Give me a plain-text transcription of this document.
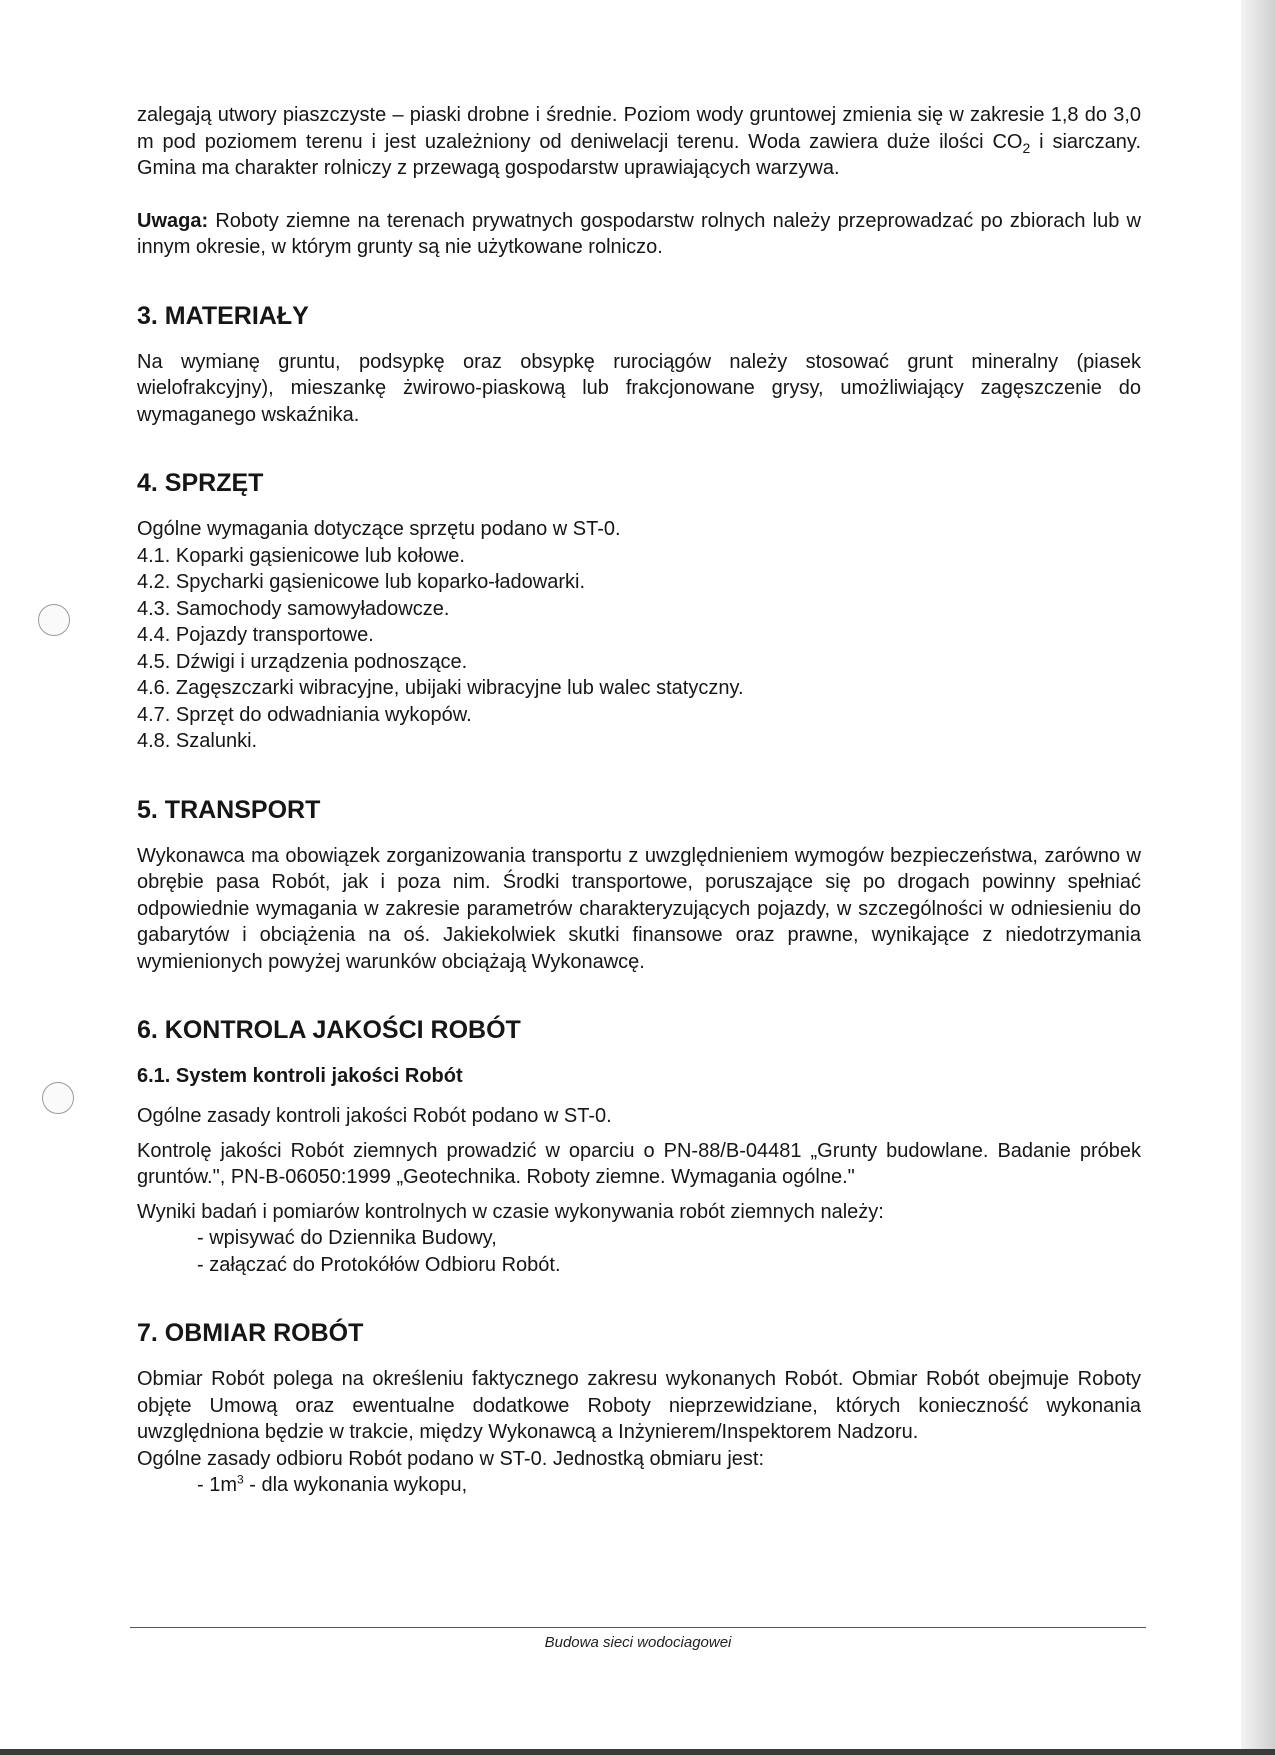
zalegają utwory piaszczyste – piaski drobne i średnie. Poziom wody gruntowej zmienia się w zakresie 1,8 do 3,0 m pod poziomem terenu i jest uzależniony od deniwelacji terenu. Woda zawiera duże ilości $CO_2$ i siarczany. Gmina ma charakter rolniczy z przewagą gospodarstw uprawiających warzywa.

Uwaga: Roboty ziemne na terenach prywatnych gospodarstw rolnych należy przeprowadzać po zbiorach lub w innym okresie, w którym grunty są nie użytkowane rolniczo.

3. MATERIAŁY

Na wymianę gruntu, podsypkę oraz obsypkę rurociągów należy stosować grunt mineralny (piasek wielofrakcyjny), mieszankę żwirowo-piaskową lub frakcjonowane grysy, umożliwiający zagęszczenie do wymaganego wskaźnika.

4. SPRZĘT

Ogólne wymagania dotyczące sprzętu podano w ST-0.

4.1. Koparki gąsienicowe lub kołowe.
4.2. Spycharki gąsienicowe lub koparko-ładowarki.
4.3. Samochody samowyładowcze.
4.4. Pojazdy transportowe.
4.5. Dźwigi i urządzenia podnoszące.
4.6. Zagęszczarki wibracyjne, ubijaki wibracyjne lub walec statyczny.
4.7. Sprzęt do odwadniania wykopów.
4.8. Szalunki.
5. TRANSPORT

Wykonawca ma obowiązek zorganizowania transportu z uwzględnieniem wymogów bezpieczeństwa, zarówno w obrębie pasa Robót, jak i poza nim. Środki transportowe, poruszające się po drogach powinny spełniać odpowiednie wymagania w zakresie parametrów charakteryzujących pojazdy, w szczególności w odniesieniu do gabarytów i obciążenia na oś. Jakiekolwiek skutki finansowe oraz prawne, wynikające z niedotrzymania wymienionych powyżej warunków obciążają Wykonawcę.

6. KONTROLA JAKOŚCI ROBÓT
6.1. System kontroli jakości Robót

Ogólne zasady kontroli jakości Robót podano w ST-0.

Kontrolę jakości Robót ziemnych prowadzić w oparciu o PN-88/B-04481 „Grunty budowlane. Badanie próbek gruntów.", PN-B-06050:1999 „Geotechnika. Roboty ziemne. Wymagania ogólne."

Wyniki badań i pomiarów kontrolnych w czasie wykonywania robót ziemnych należy:

- wpisywać do Dziennika Budowy,
- załączać do Protokółów Odbioru Robót.
7. OBMIAR ROBÓT

Obmiar Robót polega na określeniu faktycznego zakresu wykonanych Robót. Obmiar Robót obejmuje Roboty objęte Umową oraz ewentualne dodatkowe Roboty nieprzewidziane, których konieczność wykonania uwzględniona będzie w trakcie, między Wykonawcą a Inżynierem/Inspektorem Nadzoru.

Ogólne zasady odbioru Robót podano w ST-0. Jednostką obmiaru jest:

- $1m^3$ - dla wykonania wykopu,

Budowa sieci wodociagowei
